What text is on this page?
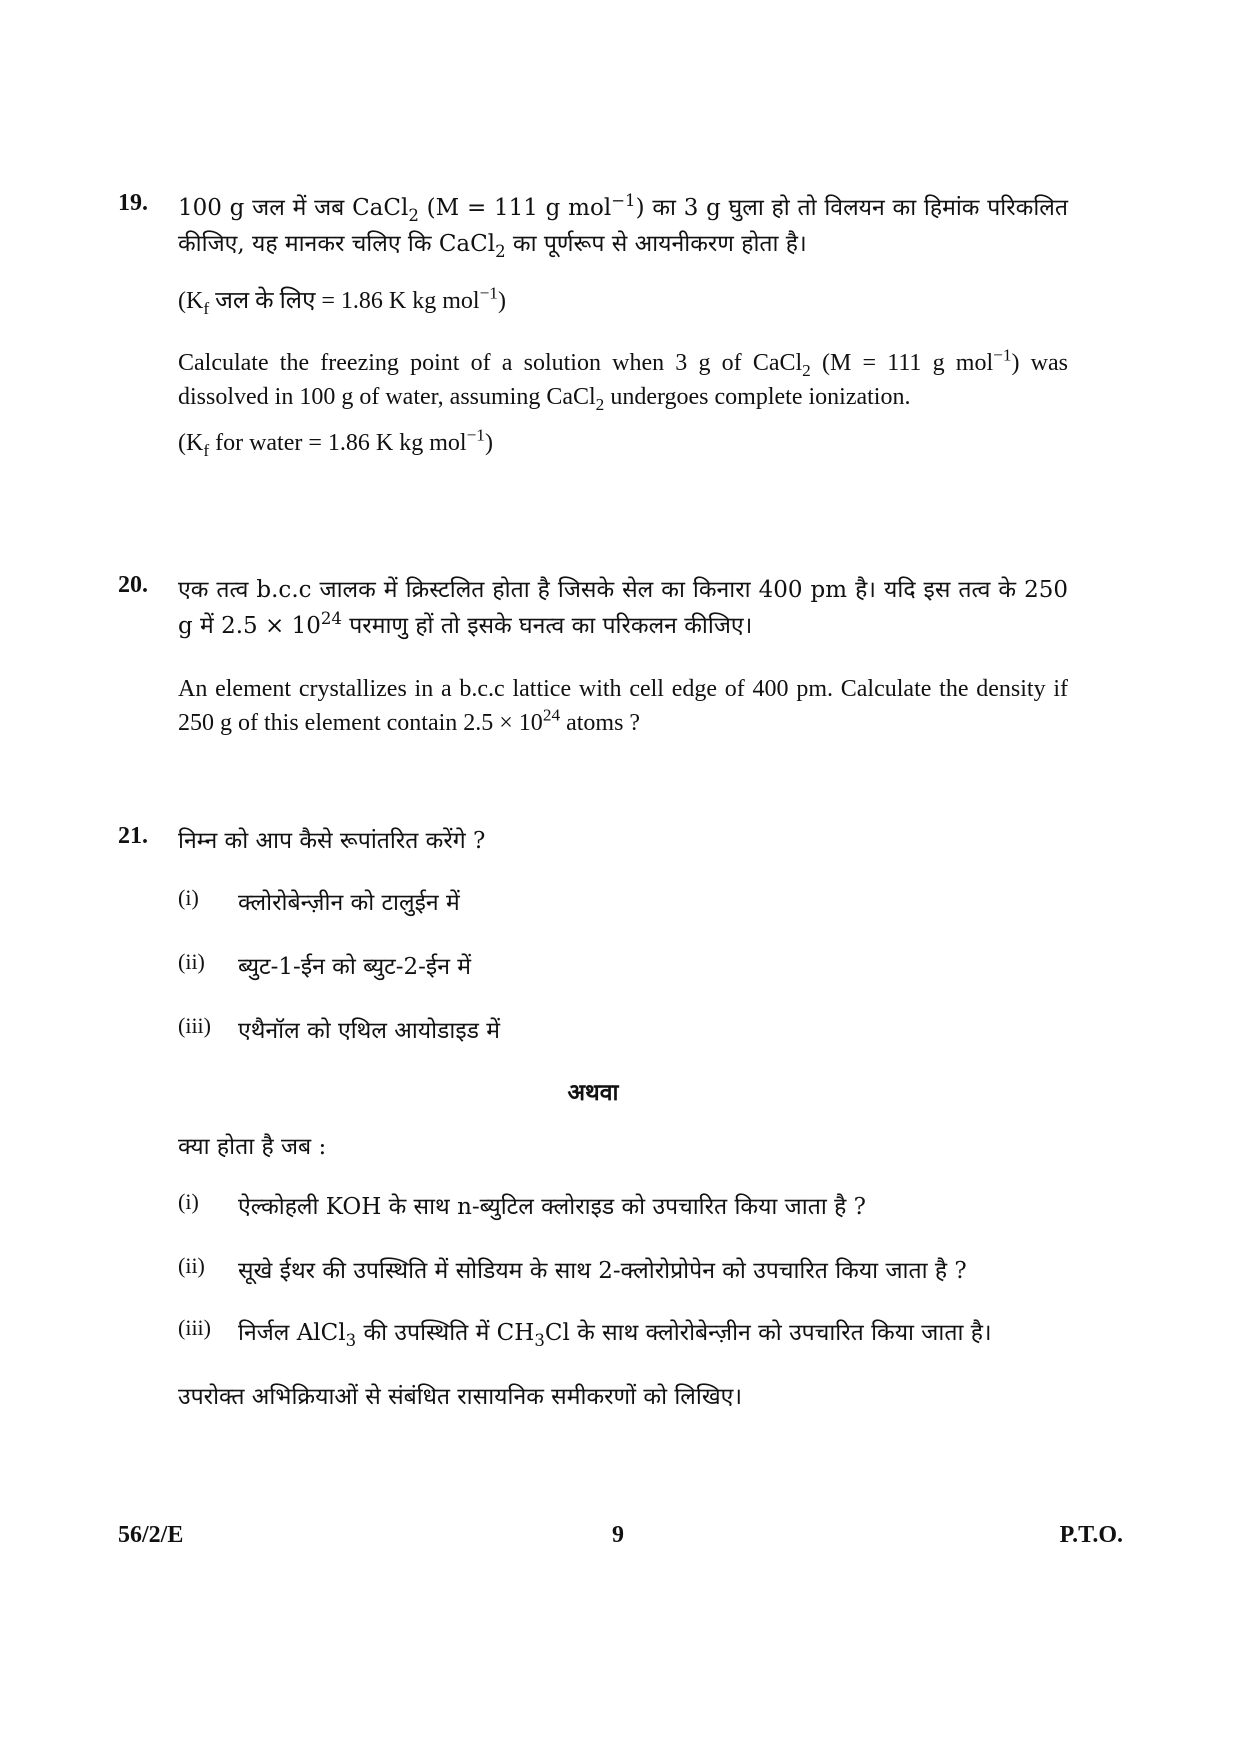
19.	100 g जल में जब CaCl$_2$ (M = 111 g mol$^{-1}$) का 3 g घुला हो तो विलयन का हिमांक परिकलित कीजिए, यह मानकर चलिए कि CaCl$_2$ का पूर्णरूप से आयनीकरण होता है।

($K_f$ जल के लिए = 1.86 K kg mol$^{-1}$)

Calculate the freezing point of a solution when 3 g of CaCl$_2$ (M = 111 g mol$^{-1}$) was dissolved in 100 g of water, assuming CaCl$_2$ undergoes complete ionization.

($K_f$ for water = 1.86 K kg mol$^{-1}$)

20.	एक तत्व b.c.c जालक में क्रिस्टलित होता है जिसके सेल का किनारा 400 pm है। यदि इस तत्व के 250 g में $2.5 \times 10^{24}$ परमाणु हों तो इसके घनत्व का परिकलन कीजिए।

An element crystallizes in a b.c.c lattice with cell edge of 400 pm. Calculate the density if 250 g of this element contain $2.5 \times 10^{24}$ atoms ?

21.	निम्न को आप कैसे रूपांतरित करेंगे ?

(i)	क्लोरोबेन्ज़ीन को टालुईन में
(ii)	ब्युट-1-ईन को ब्युट-2-ईन में
(iii)	एथैनॉल को एथिल आयोडाइड में
अथवा

क्या होता है जब :

(i)	ऐल्कोहली KOH के साथ n-ब्युटिल क्लोराइड को उपचारित किया जाता है ?
(ii)	सूखे ईथर की उपस्थिति में सोडियम के साथ 2-क्लोरोप्रोपेन को उपचारित किया जाता है ?
(iii)	निर्जल AlCl$_3$ की उपस्थिति में $CH_3Cl$ के साथ क्लोरोबेन्ज़ीन को उपचारित किया जाता है।

उपरोक्त अभिक्रियाओं से संबंधित रासायनिक समीकरणों को लिखिए।

56/2/E	9	P.T.O.
